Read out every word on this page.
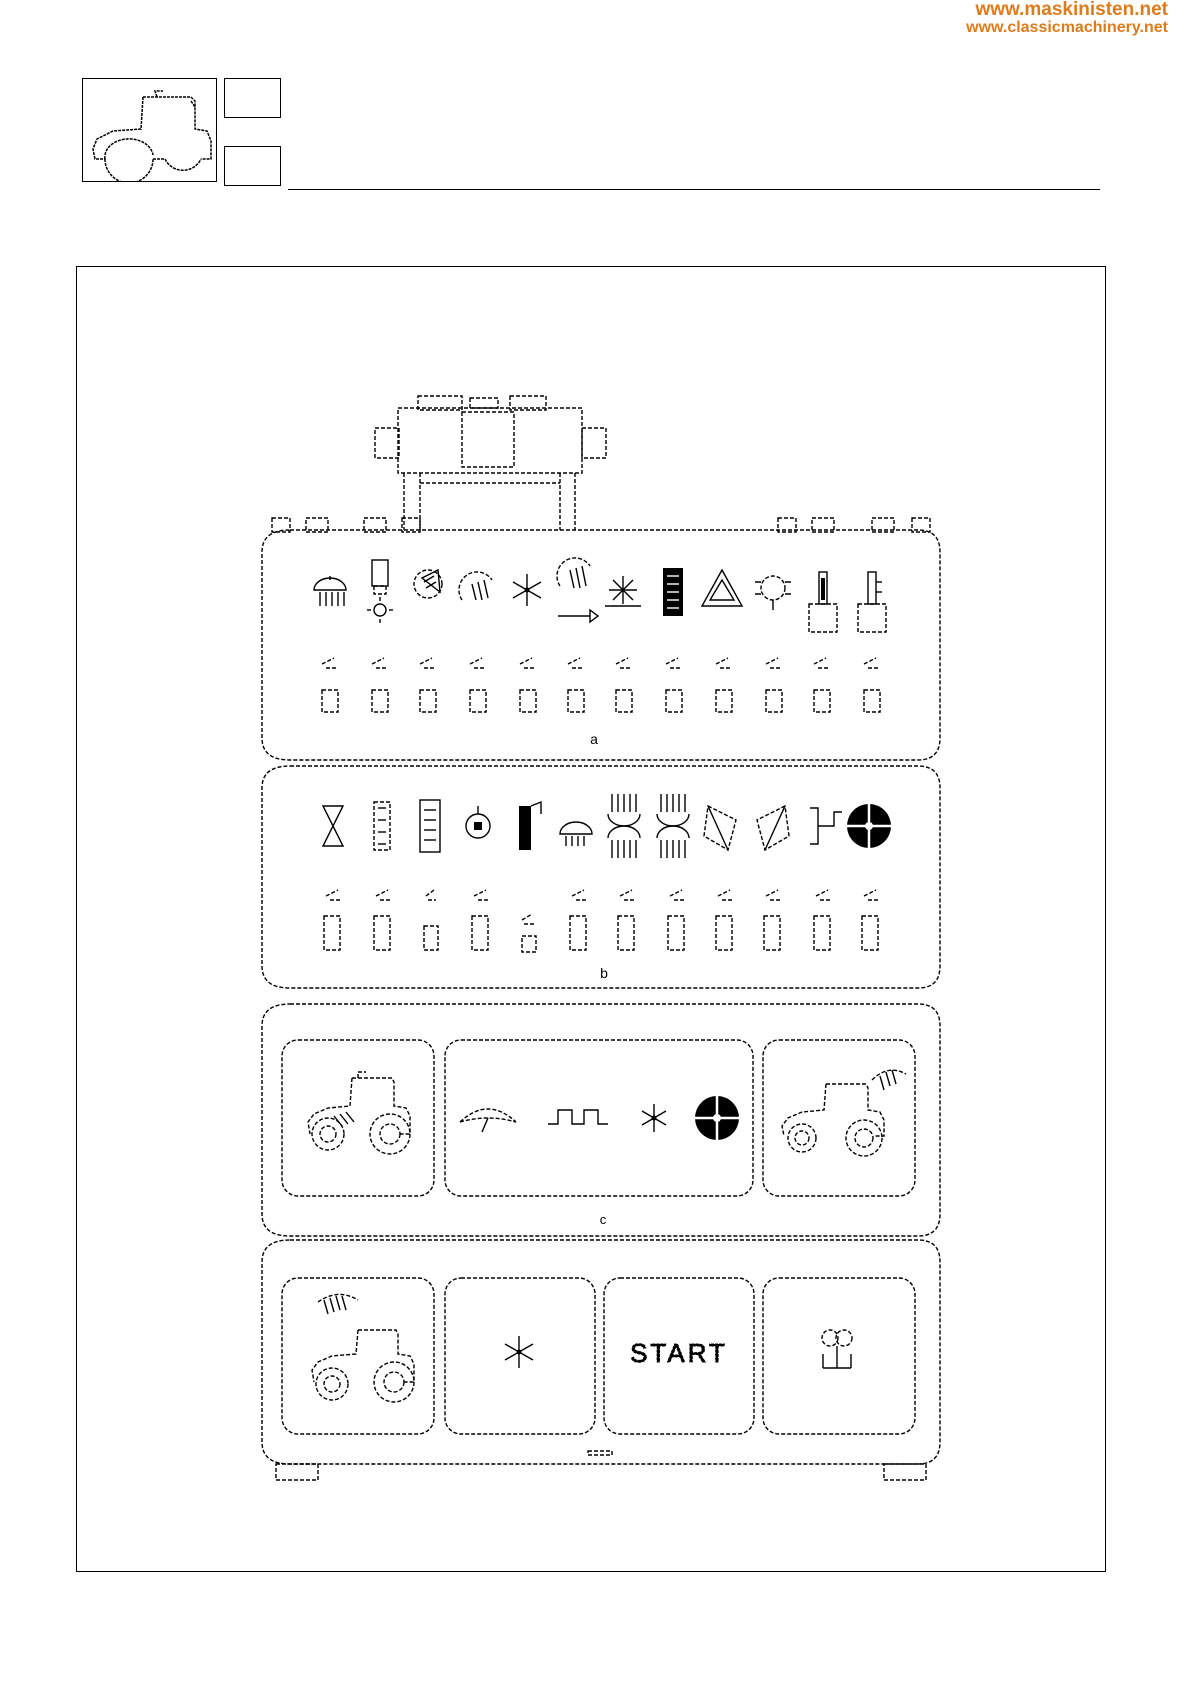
www.maskinisten.net
www.classicmachinery.net
a
b
c
START
